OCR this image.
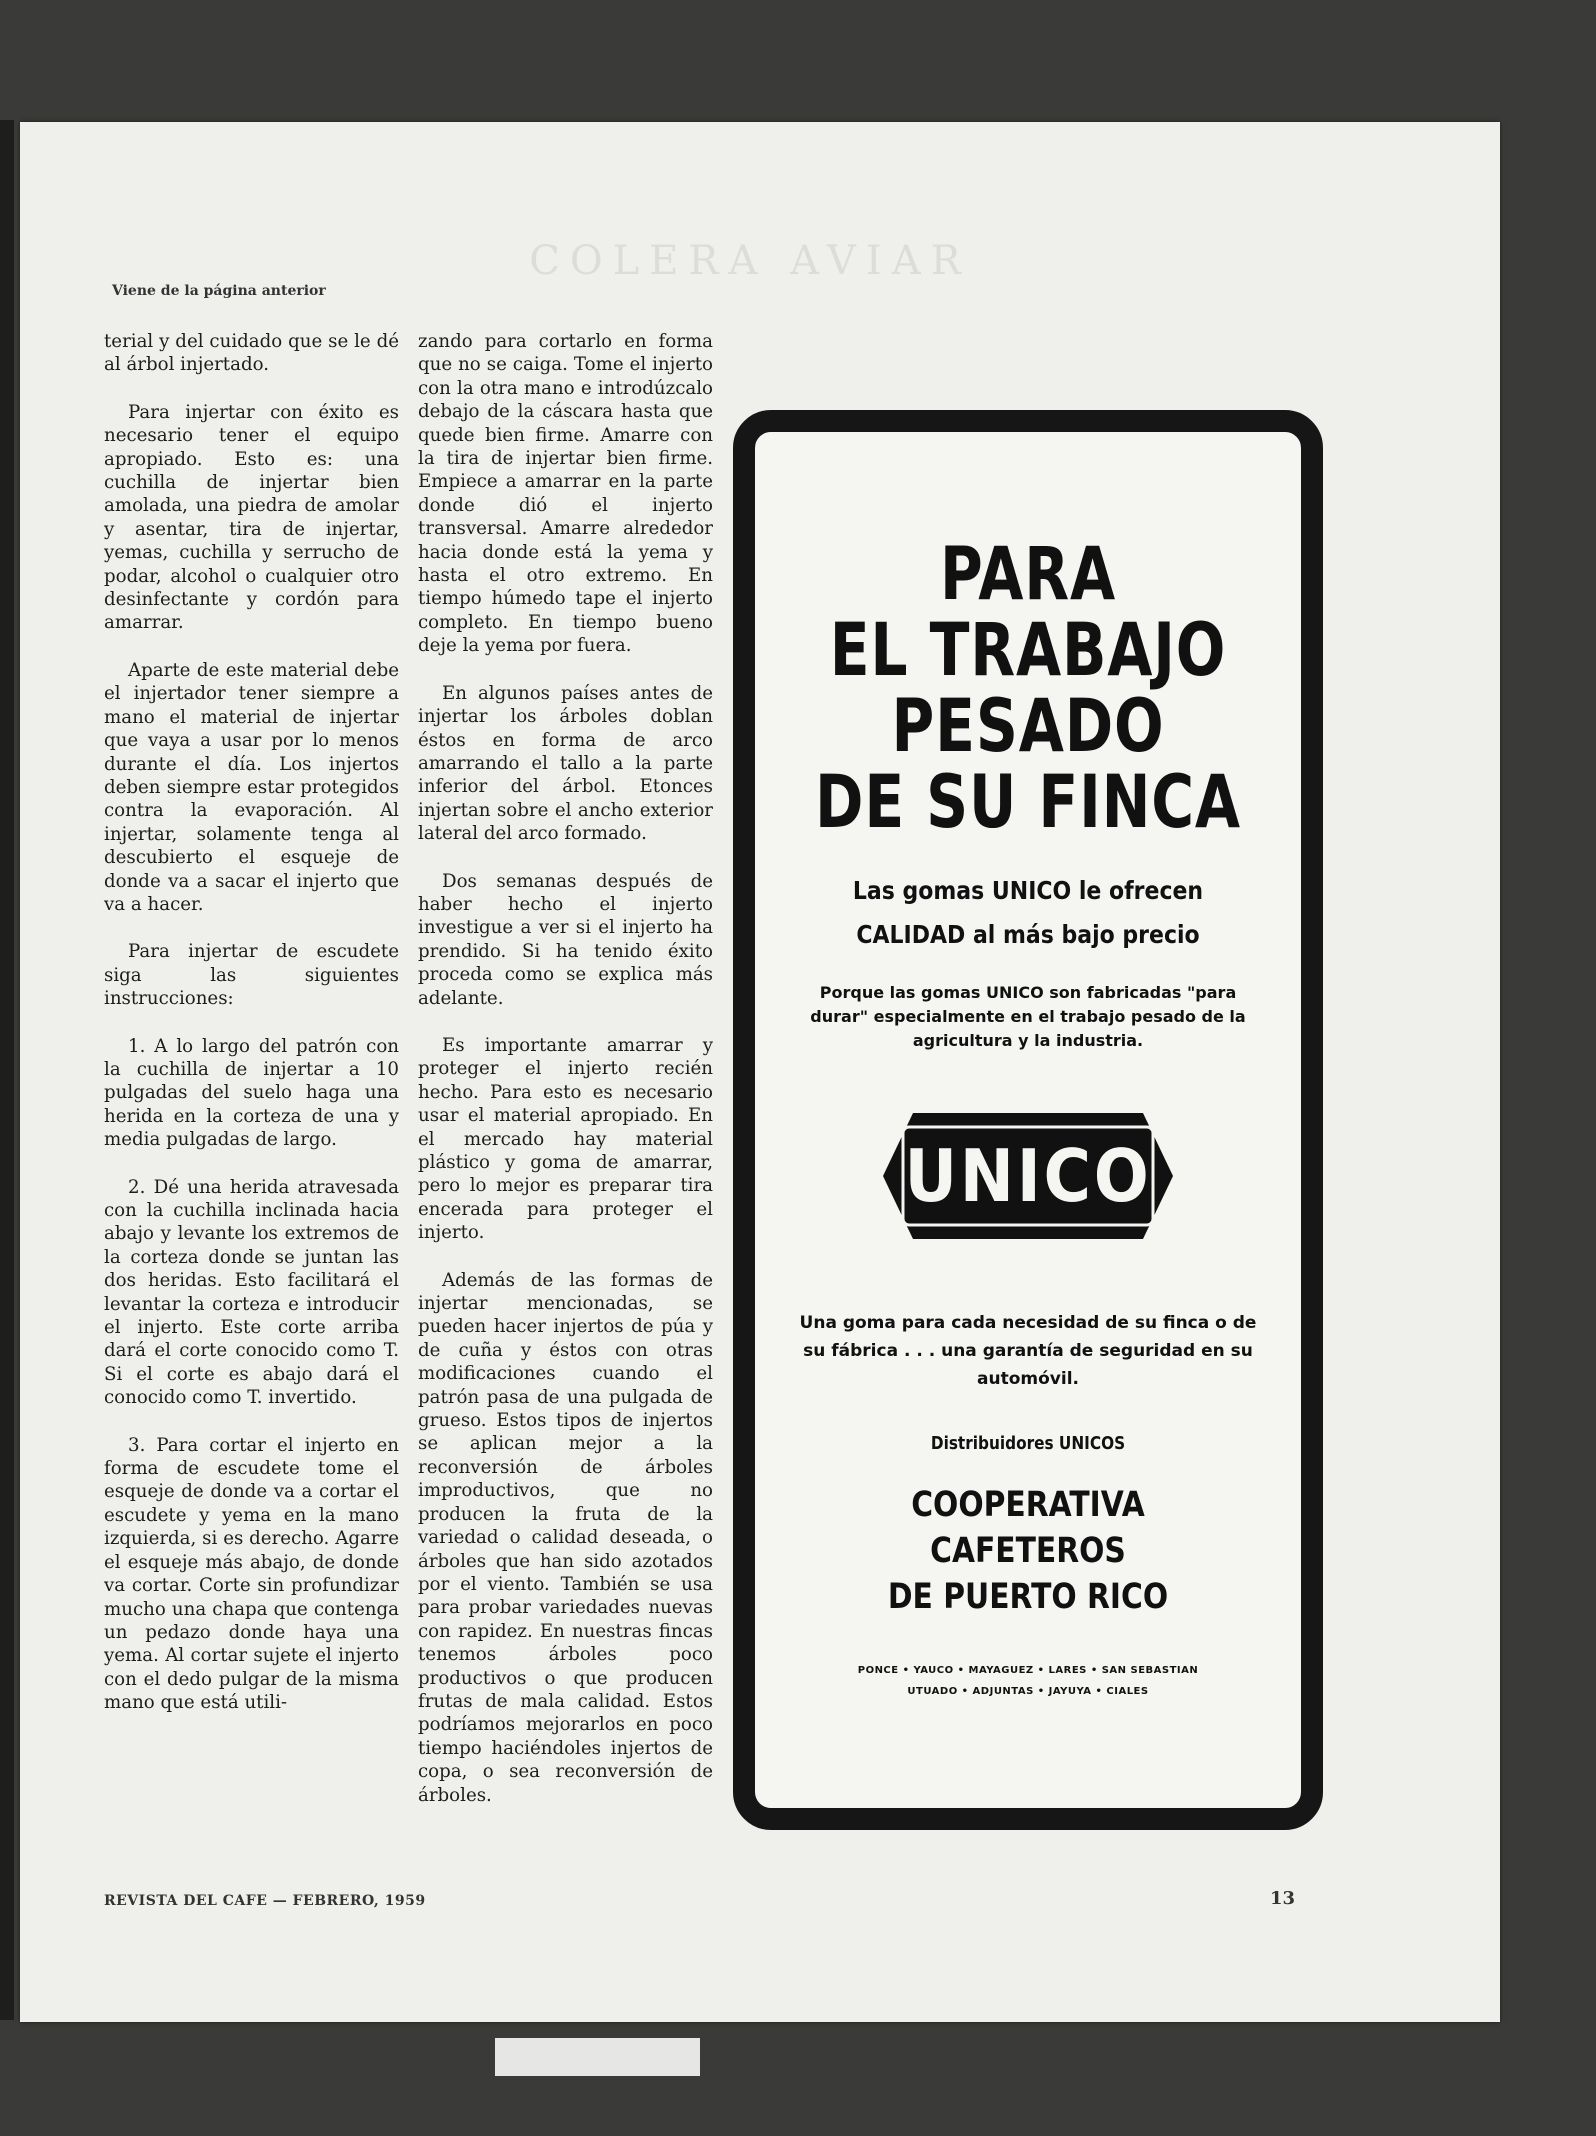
COLERA AVIAR
Viene de la página anterior

terial y del cuidado que se le dé al árbol injertado.

Para injertar con éxito es necesario tener el equipo apropiado. Esto es: una cuchilla de injertar bien amolada, una piedra de amolar y asentar, tira de injertar, yemas, cuchilla y serrucho de podar, alcohol o cualquier otro desinfectante y cordón para amarrar.

Aparte de este material debe el injertador tener siempre a mano el material de injertar que vaya a usar por lo menos durante el día. Los injertos deben siempre estar protegidos contra la evaporación. Al injertar, solamente tenga al descubierto el esqueje de donde va a sacar el injerto que va a hacer.

Para injertar de escudete siga las siguientes instrucciones:

1. A lo largo del patrón con la cuchilla de injertar a 10 pulgadas del suelo haga una herida en la corteza de una y media pulgadas de largo.

2. Dé una herida atravesada con la cuchilla inclinada hacia abajo y levante los extremos de la corteza donde se juntan las dos heridas. Esto facilitará el levantar la corteza e introducir el injerto. Este corte arriba dará el corte conocido como T. Si el corte es abajo dará el conocido como T. invertido.

3. Para cortar el injerto en forma de escudete tome el esqueje de donde va a cortar el escudete y yema en la mano izquierda, si es derecho. Agarre el esqueje más abajo, de donde va cortar. Corte sin profundizar mucho una chapa que contenga un pedazo donde haya una yema. Al cortar sujete el injerto con el dedo pulgar de la misma mano que está utili-

zando para cortarlo en forma que no se caiga. Tome el injerto con la otra mano e introdúzcalo debajo de la cáscara hasta que quede bien firme. Amarre con la tira de injertar bien firme. Empiece a amarrar en la parte donde dió el injerto transversal. Amarre alrededor hacia donde está la yema y hasta el otro extremo. En tiempo húmedo tape el injerto completo. En tiempo bueno deje la yema por fuera.

En algunos países antes de injertar los árboles doblan éstos en forma de arco amarrando el tallo a la parte inferior del árbol. Etonces injertan sobre el ancho exterior lateral del arco formado.

Dos semanas después de haber hecho el injerto investigue a ver si el injerto ha prendido. Si ha tenido éxito proceda como se explica más adelante.

Es importante amarrar y proteger el injerto recién hecho. Para esto es necesario usar el material apropiado. En el mercado hay material plástico y goma de amarrar, pero lo mejor es preparar tira encerada para proteger el injerto.

Además de las formas de injertar mencionadas, se pueden hacer injertos de púa y de cuña y éstos con otras modificaciones cuando el patrón pasa de una pulgada de grueso. Estos tipos de injertos se aplican mejor a la reconversión de árboles improductivos, que no producen la fruta de la variedad o calidad deseada, o árboles que han sido azotados por el viento. También se usa para probar variedades nuevas con rapidez. En nuestras fincas tenemos árboles poco productivos o que producen frutas de mala calidad. Estos podríamos mejorarlos en poco tiempo haciéndoles injertos de copa, o sea reconversión de árboles.

PARA
EL TRABAJO
PESADO
DE SU FINCA
Las gomas UNICO le ofrecen
CALIDAD al más bajo precio
Porque las gomas UNICO son fabricadas "para durar" especialmente en el trabajo pesado de la agricultura y la industria.
UNICO
Una goma para cada necesidad de su finca o de su fábrica . . . una garantía de seguridad en su automóvil.
Distribuidores UNICOS
COOPERATIVA
CAFETEROS
DE PUERTO RICO
PONCE • YAUCO • MAYAGUEZ • LARES • SAN SEBASTIAN
UTUADO • ADJUNTAS • JAYUYA • CIALES
REVISTA DEL CAFE — FEBRERO, 1959	13
